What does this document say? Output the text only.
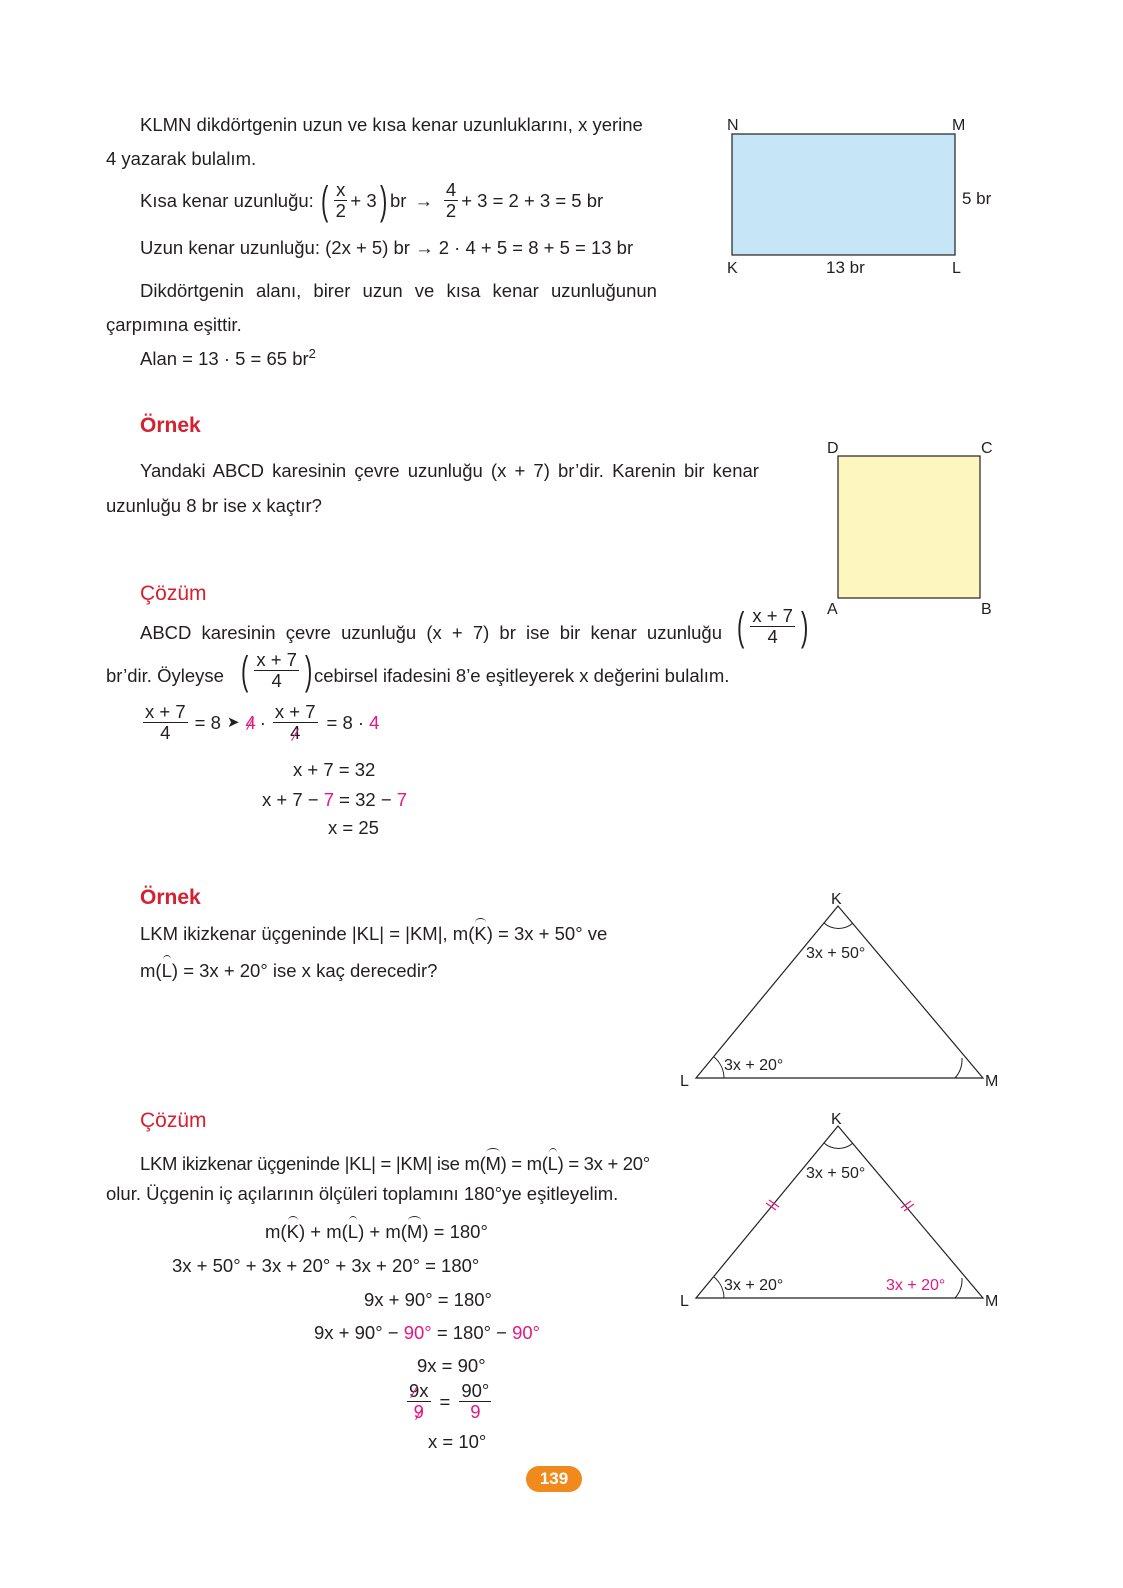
KLMN dikdörtgenin uzun ve kısa kenar uzunluklarını, x yerine
4 yazarak bulalım.
Kısa kenar uzunluğu: ( $\frac{x}{2} + 3$ ) br → $\frac{4}{2} + 3 = 2 + 3 = 5$ br
Uzun kenar uzunluğu: (2x + 5) br → 2 · 4 + 5 = 8 + 5 = 13 br
Dikdörtgenin alanı, birer uzun ve kısa kenar uzunluğunun
çarpımına eşittir.
Alan = 13 · 5 = 65 $br^2$
N	M
K	L
5 br
13 br
Örnek
Yandaki ABCD karesinin çevre uzunluğu (x + 7) br’dir. Karenin bir kenar
uzunluğu 8 br ise x kaçtır?
D	C
A	B
Çözüm
ABCD karesinin çevre uzunluğu (x + 7) br ise bir kenar uzunluğu ( $\frac{x + 7}{4}$ )
br’dir. Öyleyse ( $\frac{x + 7}{4}$ ) cebirsel ifadesini 8’e eşitleyerek x değerini bulalım.
$\frac{x + 7}{4} = 8$ ➤ $4 \cdot \frac{x + 7}{4} = 8 \cdot 4$
x + 7 = 32
x + 7 − 7 = 32 − 7
x = 25
Örnek
LKM ikizkenar üçgeninde |KL| = |KM|, m(K) = 3x + 50° ve
m(L) = 3x + 20° ise x kaç derecedir?
K
L	M
3x + 50°
3x + 20°
Çözüm
LKM ikizkenar üçgeninde |KL| = |KM| ise m(M) = m(L) = 3x + 20°
olur. Üçgenin iç açılarının ölçüleri toplamını 180°ye eşitleyelim.
m(K) + m(L) + m(M) = 180°
3x + 50° + 3x + 20° + 3x + 20° = 180°
9x + 90° = 180°
9x + 90° − 90° = 180° − 90°
9x = 90°
$\frac{9x}{9} = \frac{90^\circ}{9}$
x = 10°
K
L	M
3x + 50°
3x + 20°	3x + 20°
139
